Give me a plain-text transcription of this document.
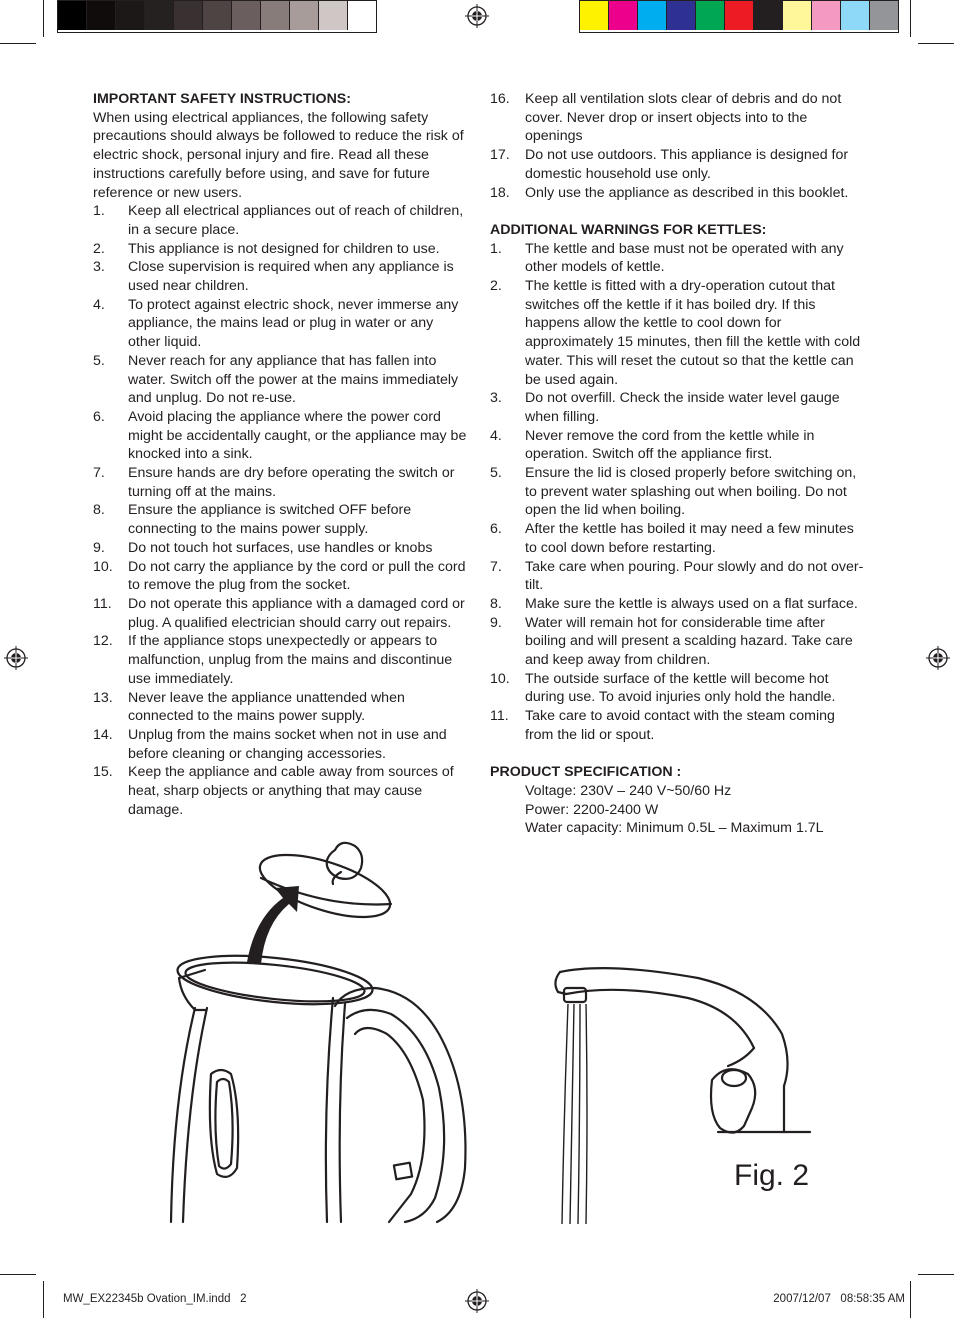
IMPORTANT SAFETY INSTRUCTIONS:

When using electrical appliances, the following safety precautions should always be followed to reduce the risk of electric shock, personal injury and fire. Read all these instructions carefully before using, and save for future reference or new users.

1.	Keep all electrical appliances out of reach of children, in a secure place.
2.	This appliance is not designed for children to use.
3.	Close supervision is required when any appliance is used near children.
4.	To protect against electric shock, never immerse any appliance, the mains lead or plug in water or any other liquid.
5.	Never reach for any appliance that has fallen into water. Switch off the power at the mains immediately and unplug. Do not re-use.
6.	Avoid placing the appliance where the power cord might be accidentally caught, or the appliance may be knocked into a sink.
7.	Ensure hands are dry before operating the switch or turning off at the mains.
8.	Ensure the appliance is switched OFF before connecting to the mains power supply.
9.	Do not touch hot surfaces, use handles or knobs
10.	Do not carry the appliance by the cord or pull the cord to remove the plug from the socket.
11.	Do not operate this appliance with a damaged cord or plug. A qualified electrician should carry out repairs.
12.	If the appliance stops unexpectedly or appears to malfunction, unplug from the mains and discontinue use immediately.
13.	Never leave the appliance unattended when connected to the mains power supply.
14.	Unplug from the mains socket when not in use and before cleaning or changing accessories.
15.	Keep the appliance and cable away from sources of heat, sharp objects or anything that may cause damage.
16.	Keep all ventilation slots clear of debris and do not cover. Never drop or insert objects into to the openings
17.	Do not use outdoors. This appliance is designed for domestic household use only.
18.	Only use the appliance as described in this booklet.

ADDITIONAL WARNINGS FOR KETTLES:

1.	The kettle and base must not be operated with any other models of kettle.
2.	The kettle is fitted with a dry-operation cutout that switches off the kettle if it has boiled dry. If this happens allow the kettle to cool down for approximately 15 minutes, then fill the kettle with cold water. This will reset the cutout so that the kettle can be used again.
3.	Do not overfill. Check the inside water level gauge when filling.
4.	Never remove the cord from the kettle while in operation. Switch off the appliance first.
5.	Ensure the lid is closed properly before switching on, to prevent water splashing out when boiling. Do not open the lid when boiling.
6.	After the kettle has boiled it may need a few minutes to cool down before restarting.
7.	Take care when pouring. Pour slowly and do not over-tilt.
8.	Make sure the kettle is always used on a flat surface.
9.	Water will remain hot for considerable time after boiling and will present a scalding hazard. Take care and keep away from children.
10.	The outside surface of the kettle will become hot during use. To avoid injuries only hold the handle.
11.	Take care to avoid contact with the steam coming from the lid or spout.

PRODUCT SPECIFICATION :

Voltage: 230V – 240 V~50/60 Hz

Power: 2200-2400 W

Water capacity: Minimum 0.5L – Maximum 1.7L

Fig. 2
MW_EX22345b Ovation_IM.indd   2	2007/12/07   08:58:35 AM
